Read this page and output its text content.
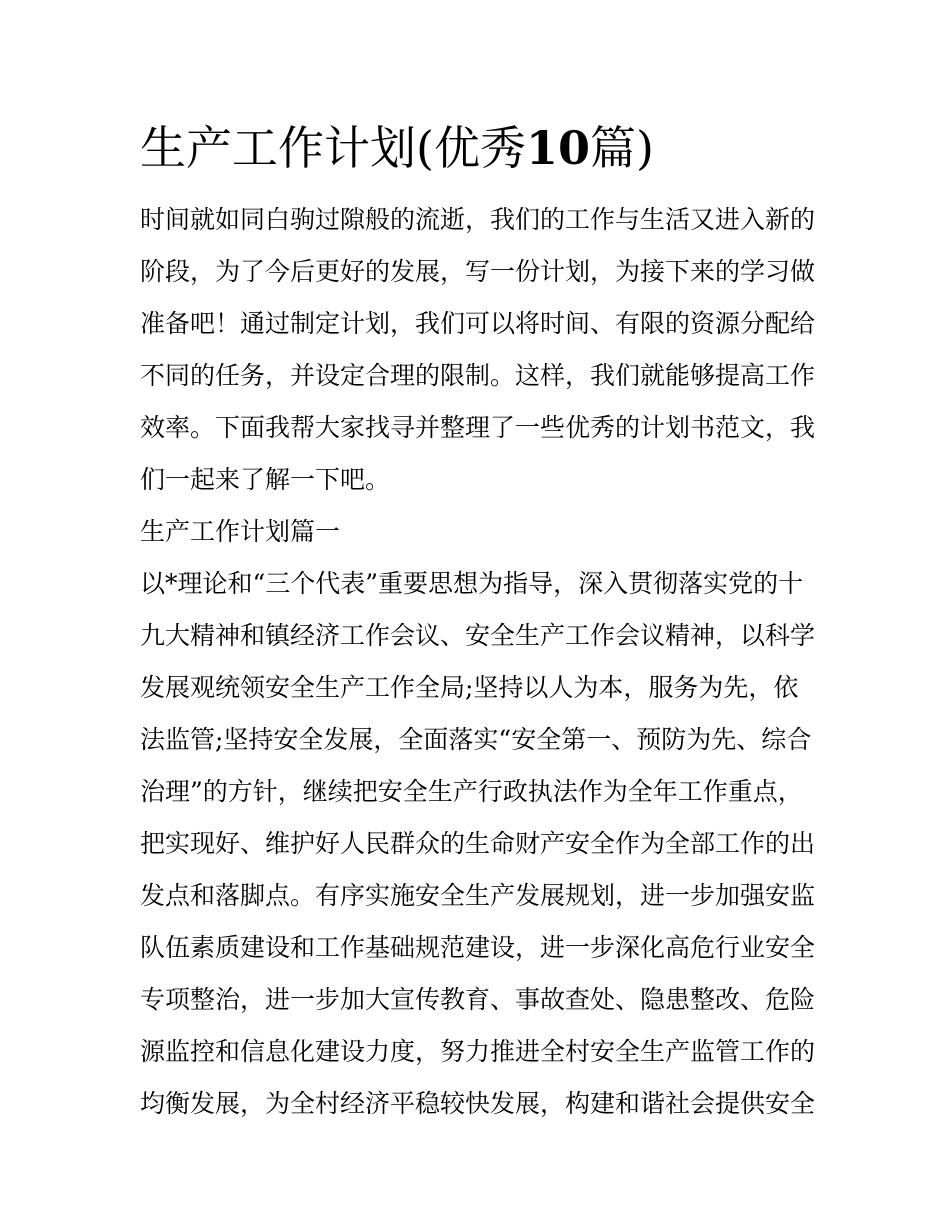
生产工作计划(优秀10篇)

时间就如同白驹过隙般的流逝，我们的工作与生活又进入新的

阶段，为了今后更好的发展，写一份计划，为接下来的学习做

准备吧！通过制定计划，我们可以将时间、有限的资源分配给

不同的任务，并设定合理的限制。这样，我们就能够提高工作

效率。下面我帮大家找寻并整理了一些优秀的计划书范文，我

们一起来了解一下吧。

生产工作计划篇一

以*理论和“三个代表”重要思想为指导，深入贯彻落实党的十

九大精神和镇经济工作会议、安全生产工作会议精神，以科学

发展观统领安全生产工作全局;坚持以人为本，服务为先，依

法监管;坚持安全发展，全面落实“安全第一、预防为先、综合

治理”的方针，继续把安全生产行政执法作为全年工作重点，

把实现好、维护好人民群众的生命财产安全作为全部工作的出

发点和落脚点。有序实施安全生产发展规划，进一步加强安监

队伍素质建设和工作基础规范建设，进一步深化高危行业安全

专项整治，进一步加大宣传教育、事故查处、隐患整改、危险

源监控和信息化建设力度，努力推进全村安全生产监管工作的

均衡发展，为全村经济平稳较快发展，构建和谐社会提供安全
